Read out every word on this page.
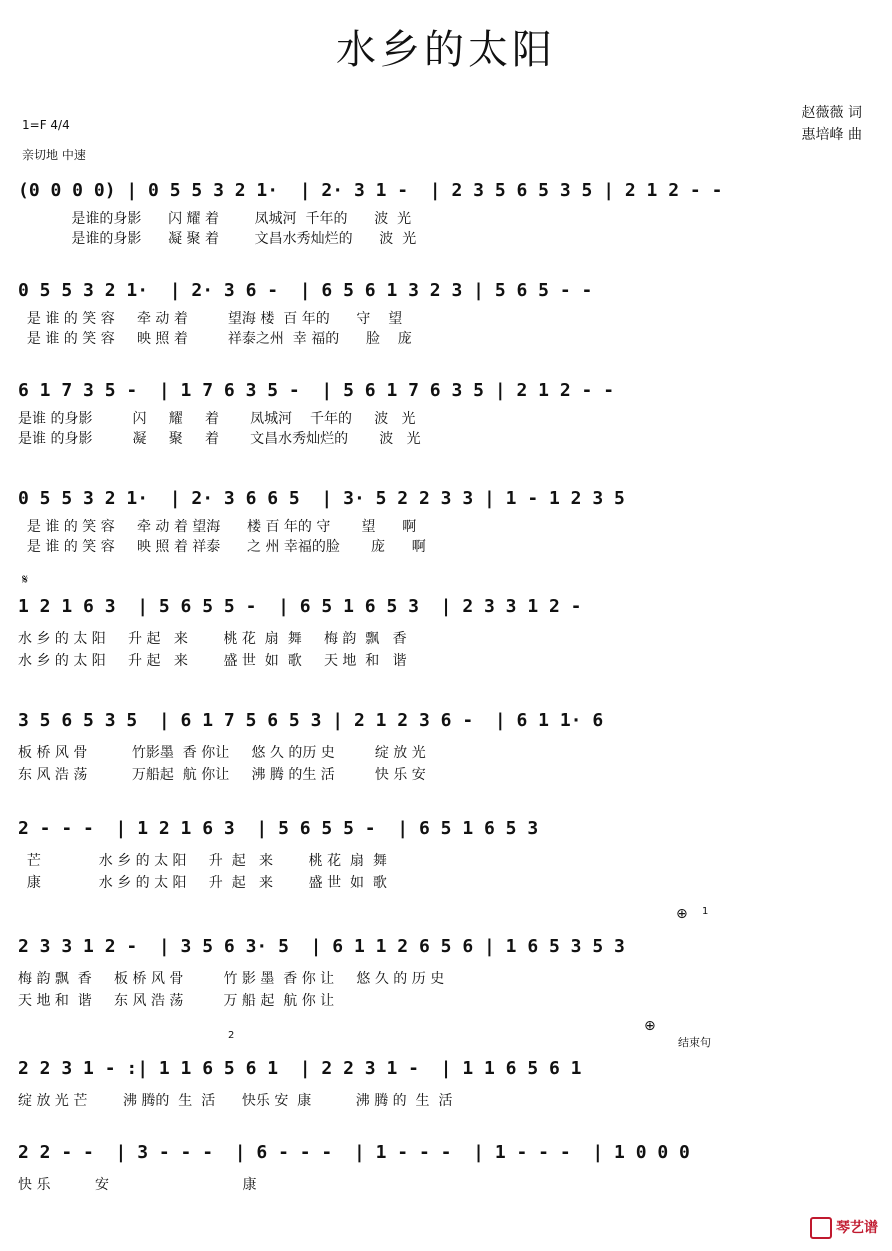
水乡的太阳
1=F 4/4
亲切地 中速
赵薇薇 词
惠培峰 曲
(0 0 0 0) | 0 5 5 3 2 1·  | 2· 3 1 -  | 2 3 5 6 5 3 5 | 2 1 2 - -
是谁的身影      闪 耀 着        凤城河  千年的      波  光
是谁的身影      凝 聚 着        文昌水秀灿烂的      波  光
0 5 5 3 2 1·  | 2· 3 6 -  | 6 5 6 1 3 2 3 | 5 6 5 - -
是 谁 的 笑 容     牵 动 着         望海 楼  百 年的      守    望
是 谁 的 笑 容     映 照 着         祥泰之州  幸 福的      脸    庞
6 1 7 3 5 -  | 1 7 6 3 5 -  | 5 6 1 7 6 3 5 | 2 1 2 - -
是谁 的身影         闪     耀     着       凤城河    千年的     波   光
是谁 的身影         凝     聚     着       文昌水秀灿烂的       波   光
0 5 5 3 2 1·  | 2· 3 6 6 5  | 3· 5 2 2 3 3 | 1 - 1 2 3 5
是 谁 的 笑 容     牵 动 着 望海      楼 百 年的 守       望      啊
是 谁 的 笑 容     映 照 着 祥泰      之 州 幸福的脸       庞      啊
𝄋
1 2 1 6 3  | 5 6 5 5 -  | 6 5 1 6 5 3  | 2 3 3 1 2 -
水 乡 的 太 阳     升 起   来        桃 花  扇  舞     梅 韵  飘   香
水 乡 的 太 阳     升 起   来        盛 世  如  歌     天 地  和   谐
3 5 6 5 3 5  | 6 1 7 5 6 5 3 | 2 1 2 3 6 -  | 6 1 1· 6
板 桥 风 骨          竹影墨  香 你让     悠 久 的历 史         绽 放 光
东 风 浩 荡          万船起  航 你让     沸 腾 的生 活         快 乐 安
2 - - -  | 1 2 1 6 3  | 5 6 5 5 -  | 6 5 1 6 5 3
芒             水 乡 的 太 阳     升  起   来        桃 花  扇  舞
康             水 乡 的 太 阳     升  起   来        盛 世  如  歌
⊕ 1
2 3 3 1 2 -  | 3 5 6 3· 5  | 6 1 1 2 6 5 6 | 1 6 5 3 5 3
梅 韵 飘  香     板 桥 风 骨         竹 影 墨  香 你 让     悠 久 的 历 史
天 地 和  谐     东 风 浩 荡         万 船 起  航 你 让
2
⊕
结束句
2 2 3 1 - :| 1 1 6 5 6 1  | 2 2 3 1 -  | 1 1 6 5 6 1
绽 放 光 芒        沸 腾的  生  活      快乐 安  康          沸 腾 的  生  活
2 2 - -  | 3 - - -  | 6 - - -  | 1 - - -  | 1 - - -  | 1 0 0 0
快 乐          安                              康
琴艺谱
